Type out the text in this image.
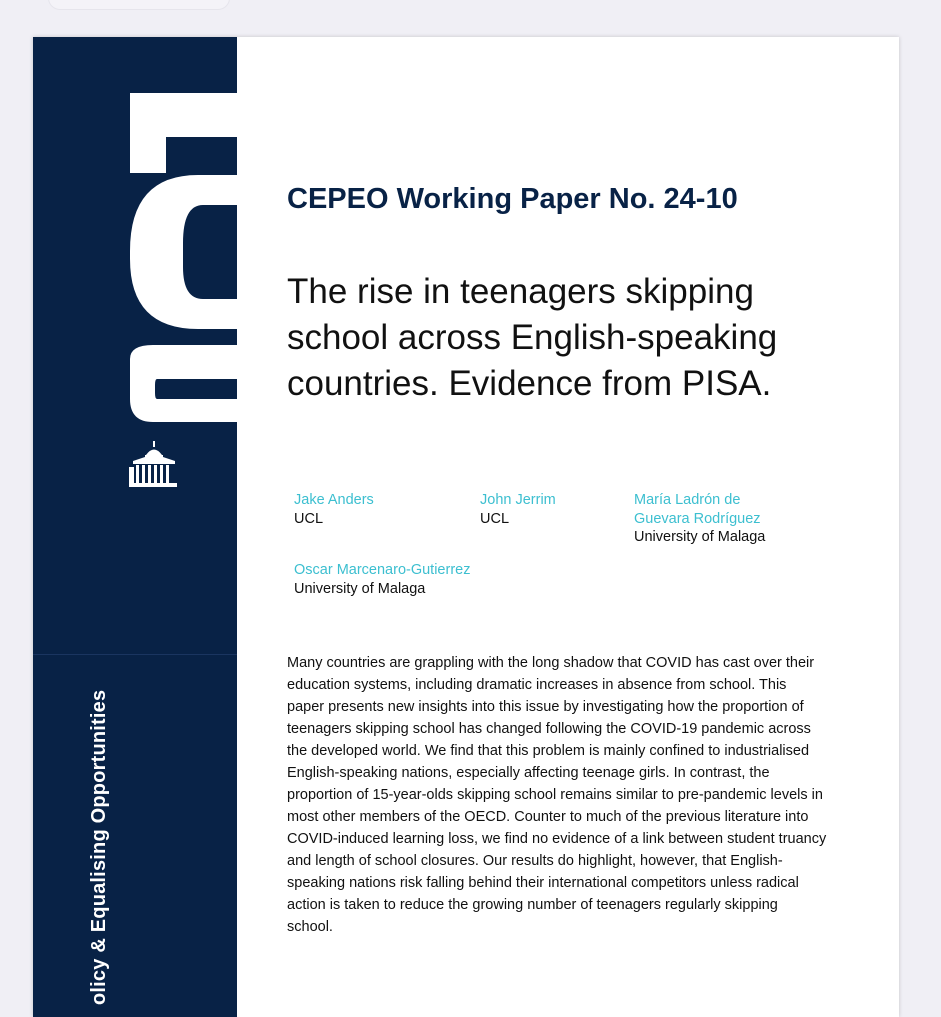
olicy & Equalising Opportunities
CEPEO Working Paper No. 24-10
The rise in teenagers skipping school across English-speaking countries. Evidence from PISA.
Jake Anders
UCL
John Jerrim
UCL
María Ladrón de Guevara Rodríguez
University of Malaga
Oscar Marcenaro-Gutierrez
University of Malaga
Many countries are grappling with the long shadow that COVID has cast over their education systems, including dramatic increases in absence from school. This paper presents new insights into this issue by investigating how the proportion of teenagers skipping school has changed following the COVID-19 pandemic across the developed world. We find that this problem is mainly confined to industrialised English-speaking nations, especially affecting teenage girls. In contrast, the proportion of 15-year-olds skipping school remains similar to pre-pandemic levels in most other members of the OECD. Counter to much of the previous literature into COVID-induced learning loss, we find no evidence of a link between student truancy and length of school closures. Our results do highlight, however, that English-speaking nations risk falling behind their international competitors unless radical action is taken to reduce the growing number of teenagers regularly skipping school.
